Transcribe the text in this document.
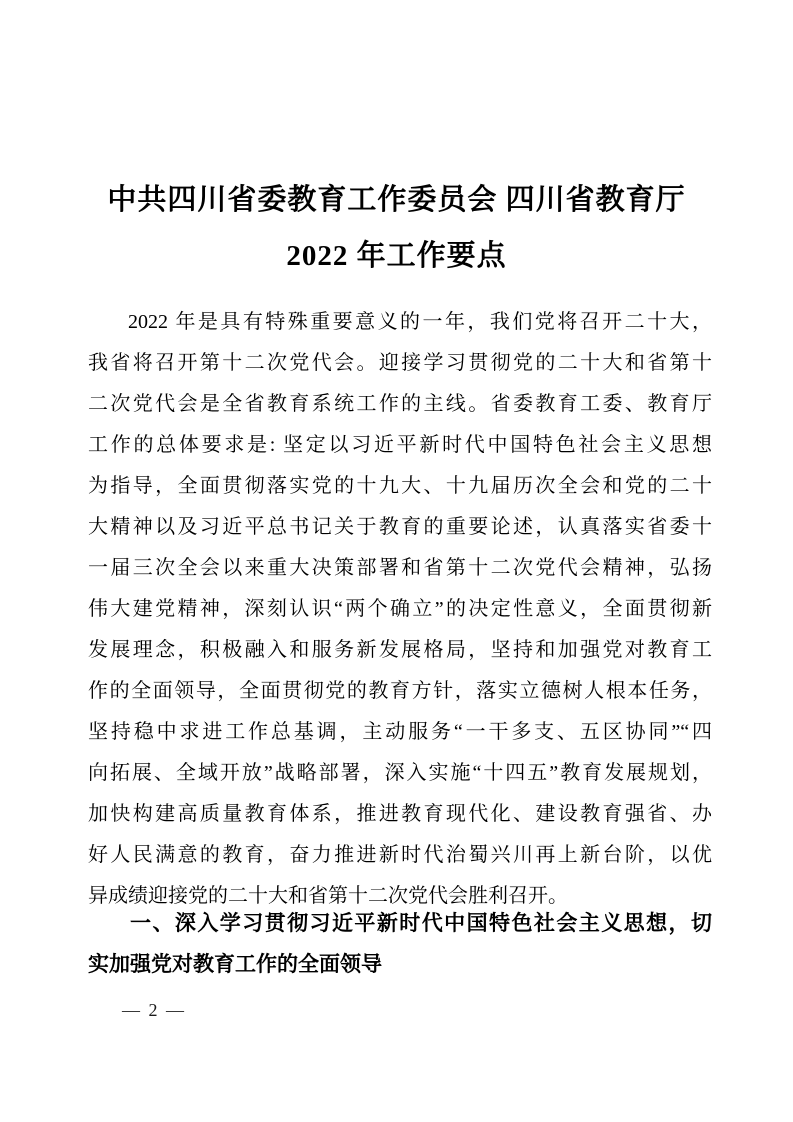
中共四川省委教育工作委员会 四川省教育厅
2022 年工作要点
2022 年是具有特殊重要意义的一年，我们党将召开二十大，
我省将召开第十二次党代会。迎接学习贯彻党的二十大和省第十
二次党代会是全省教育系统工作的主线。省委教育工委、教育厅
工作的总体要求是: 坚定以习近平新时代中国特色社会主义思想
为指导，全面贯彻落实党的十九大、十九届历次全会和党的二十
大精神以及习近平总书记关于教育的重要论述，认真落实省委十
一届三次全会以来重大决策部署和省第十二次党代会精神，弘扬
伟大建党精神，深刻认识“两个确立”的决定性意义，全面贯彻新
发展理念，积极融入和服务新发展格局，坚持和加强党对教育工
作的全面领导，全面贯彻党的教育方针，落实立德树人根本任务，
坚持稳中求进工作总基调，主动服务“一干多支、五区协同”“四
向拓展、全域开放”战略部署，深入实施“十四五”教育发展规划，
加快构建高质量教育体系，推进教育现代化、建设教育强省、办
好人民满意的教育，奋力推进新时代治蜀兴川再上新台阶，以优
异成绩迎接党的二十大和省第十二次党代会胜利召开。
一、深入学习贯彻习近平新时代中国特色社会主义思想，切
实加强党对教育工作的全面领导
— 2 —
